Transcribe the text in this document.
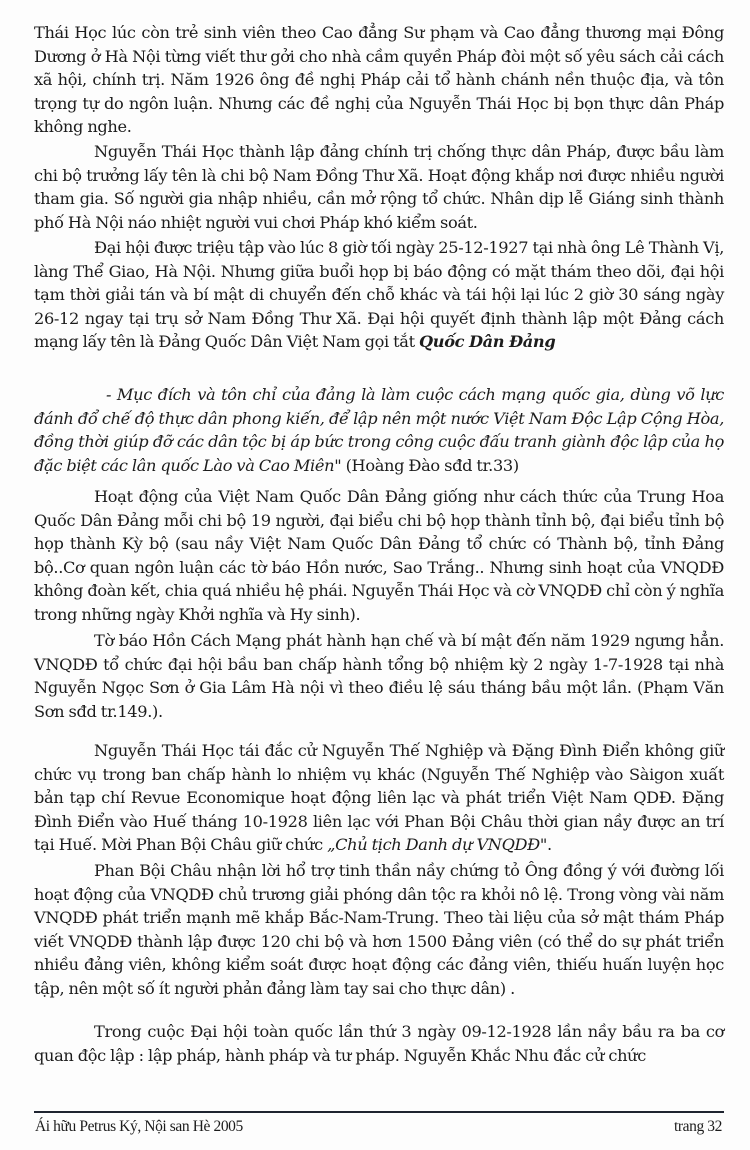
Thái Học lúc còn trẻ sinh viên theo Cao đẳng Sư phạm và Cao đẳng thương mại Đông Dương ở Hà Nội từng viết thư gởi cho nhà cầm quyền Pháp đòi một số yêu sách cải cách xã hội, chính trị. Năm 1926 ông đề nghị Pháp cải tổ hành chánh nền thuộc địa, và tôn trọng tự do ngôn luận. Nhưng các đề nghị của Nguyễn Thái Học bị bọn thực dân Pháp không nghe.

Nguyễn Thái Học thành lập đảng chính trị chống thực dân Pháp, được bầu làm chi bộ trưởng lấy tên là chi bộ Nam Đồng Thư Xã. Hoạt động khắp nơi được nhiều người tham gia. Số người gia nhập nhiều, cần mở rộng tổ chức. Nhân dịp lễ Giáng sinh thành phố Hà Nội náo nhiệt người vui chơi Pháp khó kiểm soát.

Đại hội được triệu tập vào lúc 8 giờ tối ngày 25-12-1927 tại nhà ông Lê Thành Vị, làng Thể Giao, Hà Nội. Nhưng giữa buổi họp bị báo động có mặt thám theo dõi, đại hội tạm thời giải tán và bí mật di chuyển đến chỗ khác và tái hội lại lúc 2 giờ 30 sáng ngày 26-12 ngay tại trụ sở Nam Đồng Thư Xã. Đại hội quyết định thành lập một Đảng cách mạng lấy tên là Đảng Quốc Dân Việt Nam gọi tắt Quốc Dân Đảng

- Mục đích và tôn chỉ của đảng là làm cuộc cách mạng quốc gia, dùng võ lực đánh đổ chế độ thực dân phong kiến, để lập nên một nước Việt Nam Độc Lập Cộng Hòa, đồng thời giúp đỡ các dân tộc bị áp bức trong công cuộc đấu tranh giành độc lập của họ đặc biệt các lân quốc Lào và Cao Miên" (Hoàng Đào sđd tr.33)

Hoạt động của Việt Nam Quốc Dân Đảng giống như cách thức của Trung Hoa Quốc Dân Đảng mỗi chi bộ 19 người, đại biểu chi bộ họp thành tỉnh bộ, đại biểu tỉnh bộ họp thành Kỳ bộ (sau nầy Việt Nam Quốc Dân Đảng tổ chức có Thành bộ, tỉnh Đảng bộ..Cơ quan ngôn luận các tờ báo Hồn nước, Sao Trắng.. Nhưng sinh hoạt của VNQDĐ không đoàn kết, chia quá nhiều hệ phái. Nguyễn Thái Học và cờ VNQDĐ chỉ còn ý nghĩa trong những ngày Khởi nghĩa và Hy sinh).

Tờ báo Hồn Cách Mạng phát hành hạn chế và bí mật đến năm 1929 ngưng hẳn. VNQDĐ tổ chức đại hội bầu ban chấp hành tổng bộ nhiệm kỳ 2 ngày 1-7-1928 tại nhà Nguyễn Ngọc Sơn ở Gia Lâm Hà nội vì theo điều lệ sáu tháng bầu một lần. (Phạm Văn Sơn sđd tr.149.).

Nguyễn Thái Học tái đắc cử Nguyễn Thế Nghiệp và Đặng Đình Điển không giữ chức vụ trong ban chấp hành lo nhiệm vụ khác (Nguyễn Thế Nghiệp vào Sàigon xuất bản tạp chí Revue Economique hoạt động liên lạc và phát triển Việt Nam QDĐ. Đặng Đình Điển vào Huế tháng 10-1928 liên lạc với Phan Bội Châu thời gian nầy được an trí tại Huế. Mời Phan Bội Châu giữ chức „Chủ tịch Danh dự VNQDĐ".

Phan Bội Châu nhận lời hổ trợ tinh thần nầy chứng tỏ Ông đồng ý với đường lối hoạt động của VNQDĐ chủ trương giải phóng dân tộc ra khỏi nô lệ. Trong vòng vài năm VNQDĐ phát triển mạnh mẽ khắp Bắc-Nam-Trung. Theo tài liệu của sở mật thám Pháp viết VNQDĐ thành lập được 120 chi bộ và hơn 1500 Đảng viên (có thể do sự phát triển nhiều đảng viên, không kiểm soát được hoạt động các đảng viên, thiếu huấn luyện học tập, nên một số ít người phản đảng làm tay sai cho thực dân) .

Trong cuộc Đại hội toàn quốc lần thứ 3 ngày 09-12-1928 lần nầy bầu ra ba cơ quan độc lập : lập pháp, hành pháp và tư pháp. Nguyễn Khắc Nhu đắc cử chức

Ái hữu Petrus Ký, Nội san Hè 2005	trang 32
